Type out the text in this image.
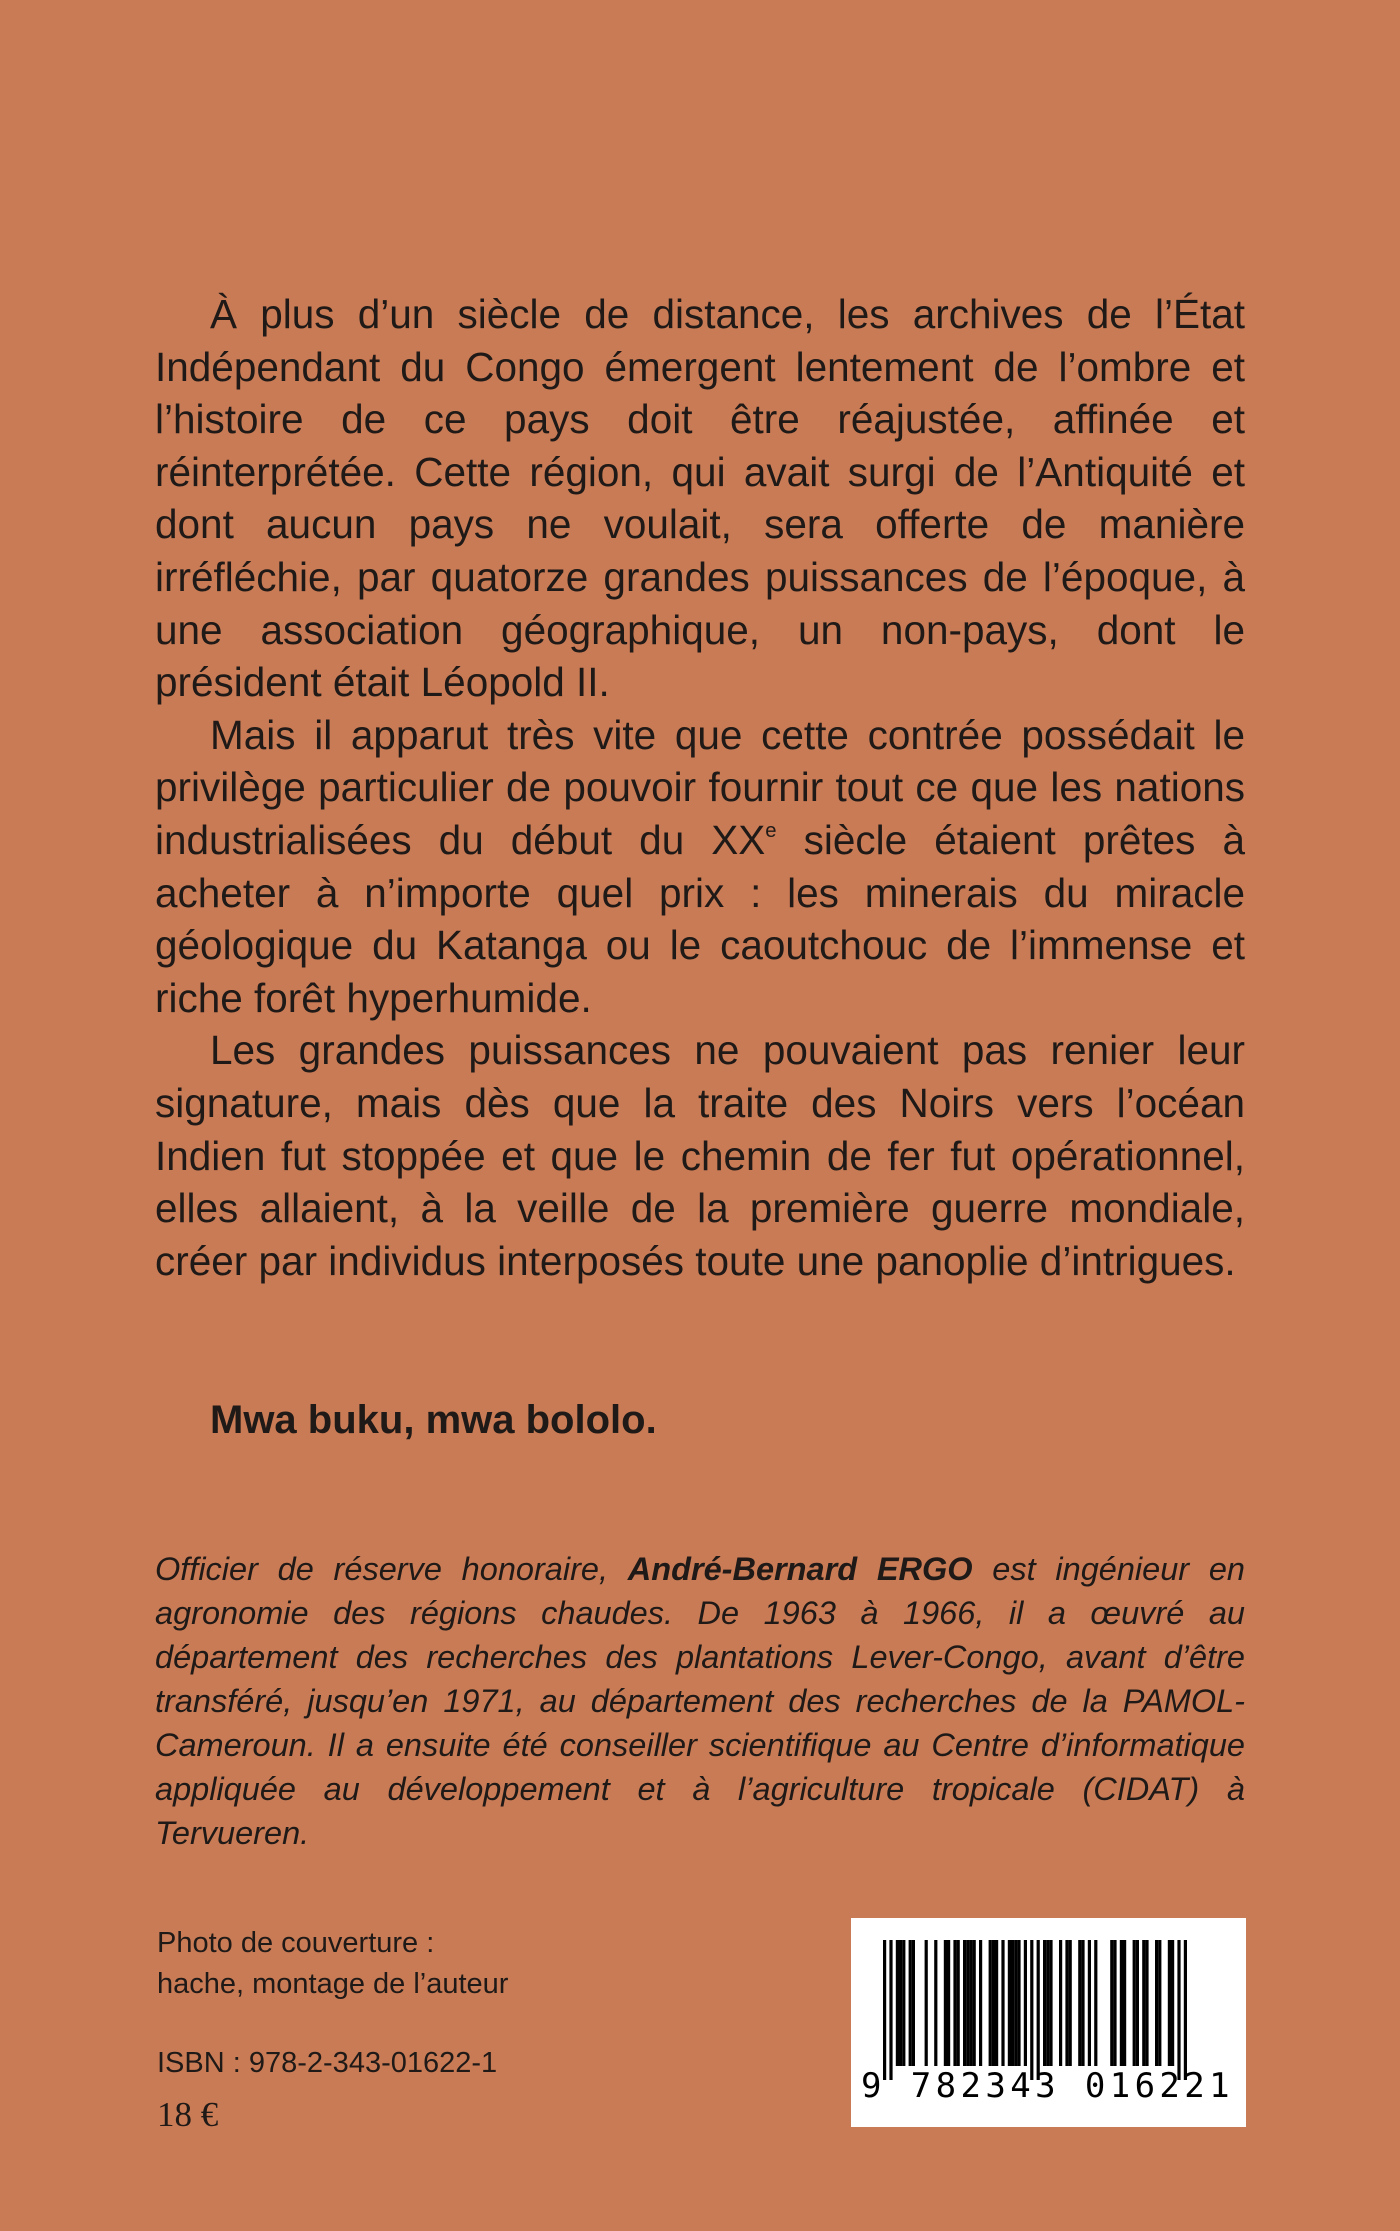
À plus d’un siècle de distance, les archives de l’État Indépendant du Congo émergent lentement de l’ombre et l’histoire de ce pays doit être réajustée, affinée et réinterprétée. Cette région, qui avait surgi de l’Antiquité et dont aucun pays ne voulait, sera offerte de manière irréfléchie, par quatorze grandes puissances de l’époque, à une association géographique, un non-pays, dont le président était Léopold II.

Mais il apparut très vite que cette contrée possédait le privilège particulier de pouvoir fournir tout ce que les nations industrialisées du début du XXe siècle étaient prêtes à acheter à n’importe quel prix : les minerais du miracle géologique du Katanga ou le caoutchouc de l’immense et riche forêt hyperhumide.

Les grandes puissances ne pouvaient pas renier leur signature, mais dès que la traite des Noirs vers l’océan Indien fut stoppée et que le chemin de fer fut opérationnel, elles allaient, à la veille de la première guerre mondiale, créer par individus interposés toute une panoplie d’intrigues.

Mwa buku, mwa bololo.
Officier de réserve honoraire, André-Bernard ERGO est ingénieur en agronomie des régions chaudes. De 1963 à 1966, il a œuvré au département des recherches des plantations Lever-Congo, avant d’être transféré, jusqu’en 1971, au département des recherches de la PAMOL-Cameroun. Il a ensuite été conseiller scientifique au Centre d’informatique appliquée au développement et à l’agriculture tropicale (CIDAT) à Tervueren.
Photo de couverture :
hache, montage de l’auteur
ISBN : 978-2-343-01622-1
18 €
9 782343 016221
